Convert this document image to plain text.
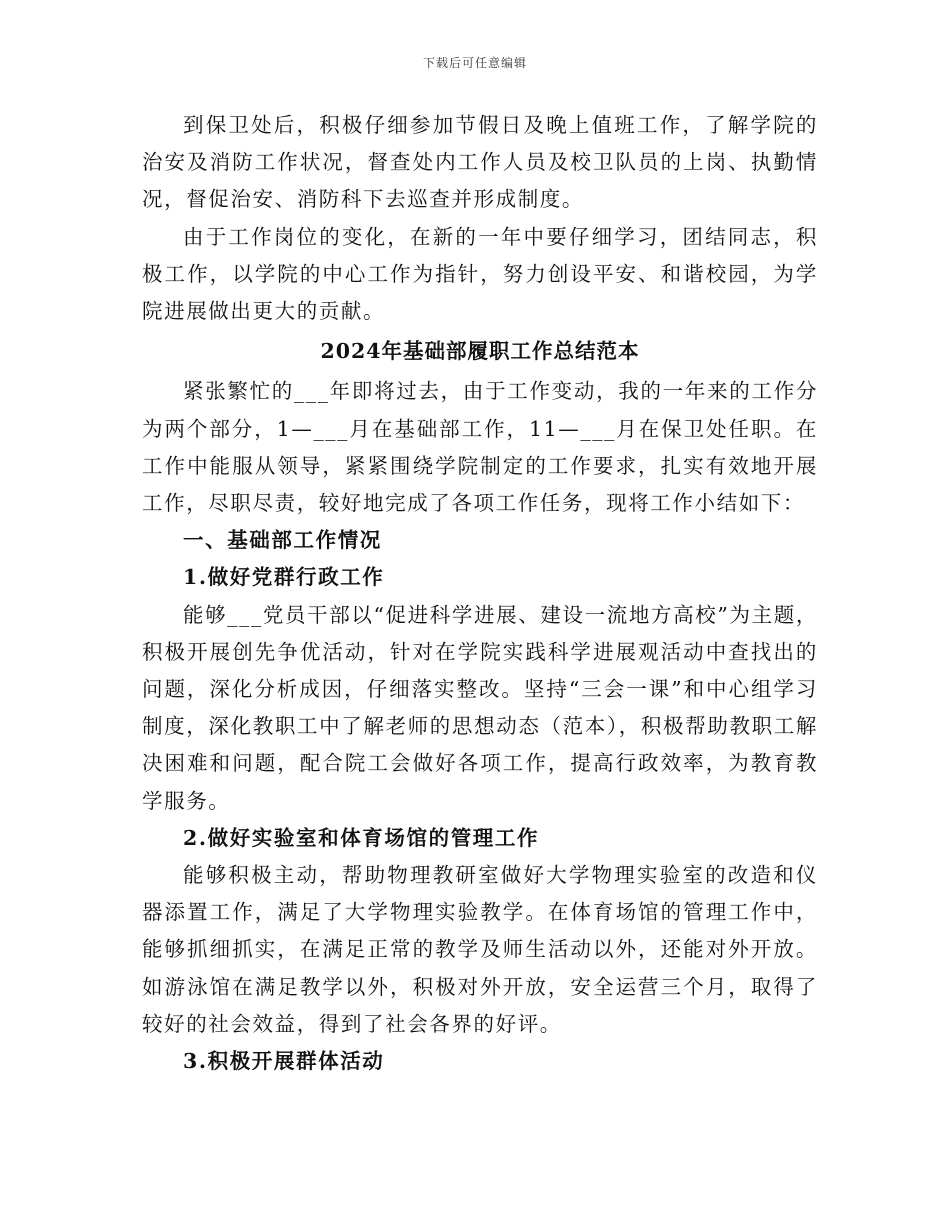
下载后可任意编辑

到保卫处后，积极仔细参加节假日及晚上值班工作，了解学院的治安及消防工作状况，督查处内工作人员及校卫队员的上岗、执勤情况，督促治安、消防科下去巡查并形成制度。

由于工作岗位的变化，在新的一年中要仔细学习，团结同志，积极工作，以学院的中心工作为指针，努力创设平安、和谐校园，为学院进展做出更大的贡献。

2024年基础部履职工作总结范本

紧张繁忙的___年即将过去，由于工作变动，我的一年来的工作分为两个部分，1—___月在基础部工作，11—___月在保卫处任职。在工作中能服从领导，紧紧围绕学院制定的工作要求，扎实有效地开展工作，尽职尽责，较好地完成了各项工作任务，现将工作小结如下：

一、基础部工作情况

1.做好党群行政工作

能够___党员干部以“促进科学进展、建设一流地方高校”为主题，积极开展创先争优活动，针对在学院实践科学进展观活动中查找出的问题，深化分析成因，仔细落实整改。坚持“三会一课”和中心组学习制度，深化教职工中了解老师的思想动态（范本），积极帮助教职工解决困难和问题，配合院工会做好各项工作，提高行政效率，为教育教学服务。

2.做好实验室和体育场馆的管理工作

能够积极主动，帮助物理教研室做好大学物理实验室的改造和仪器添置工作，满足了大学物理实验教学。在体育场馆的管理工作中，能够抓细抓实，在满足正常的教学及师生活动以外，还能对外开放。如游泳馆在满足教学以外，积极对外开放，安全运营三个月，取得了较好的社会效益，得到了社会各界的好评。

3.积极开展群体活动
